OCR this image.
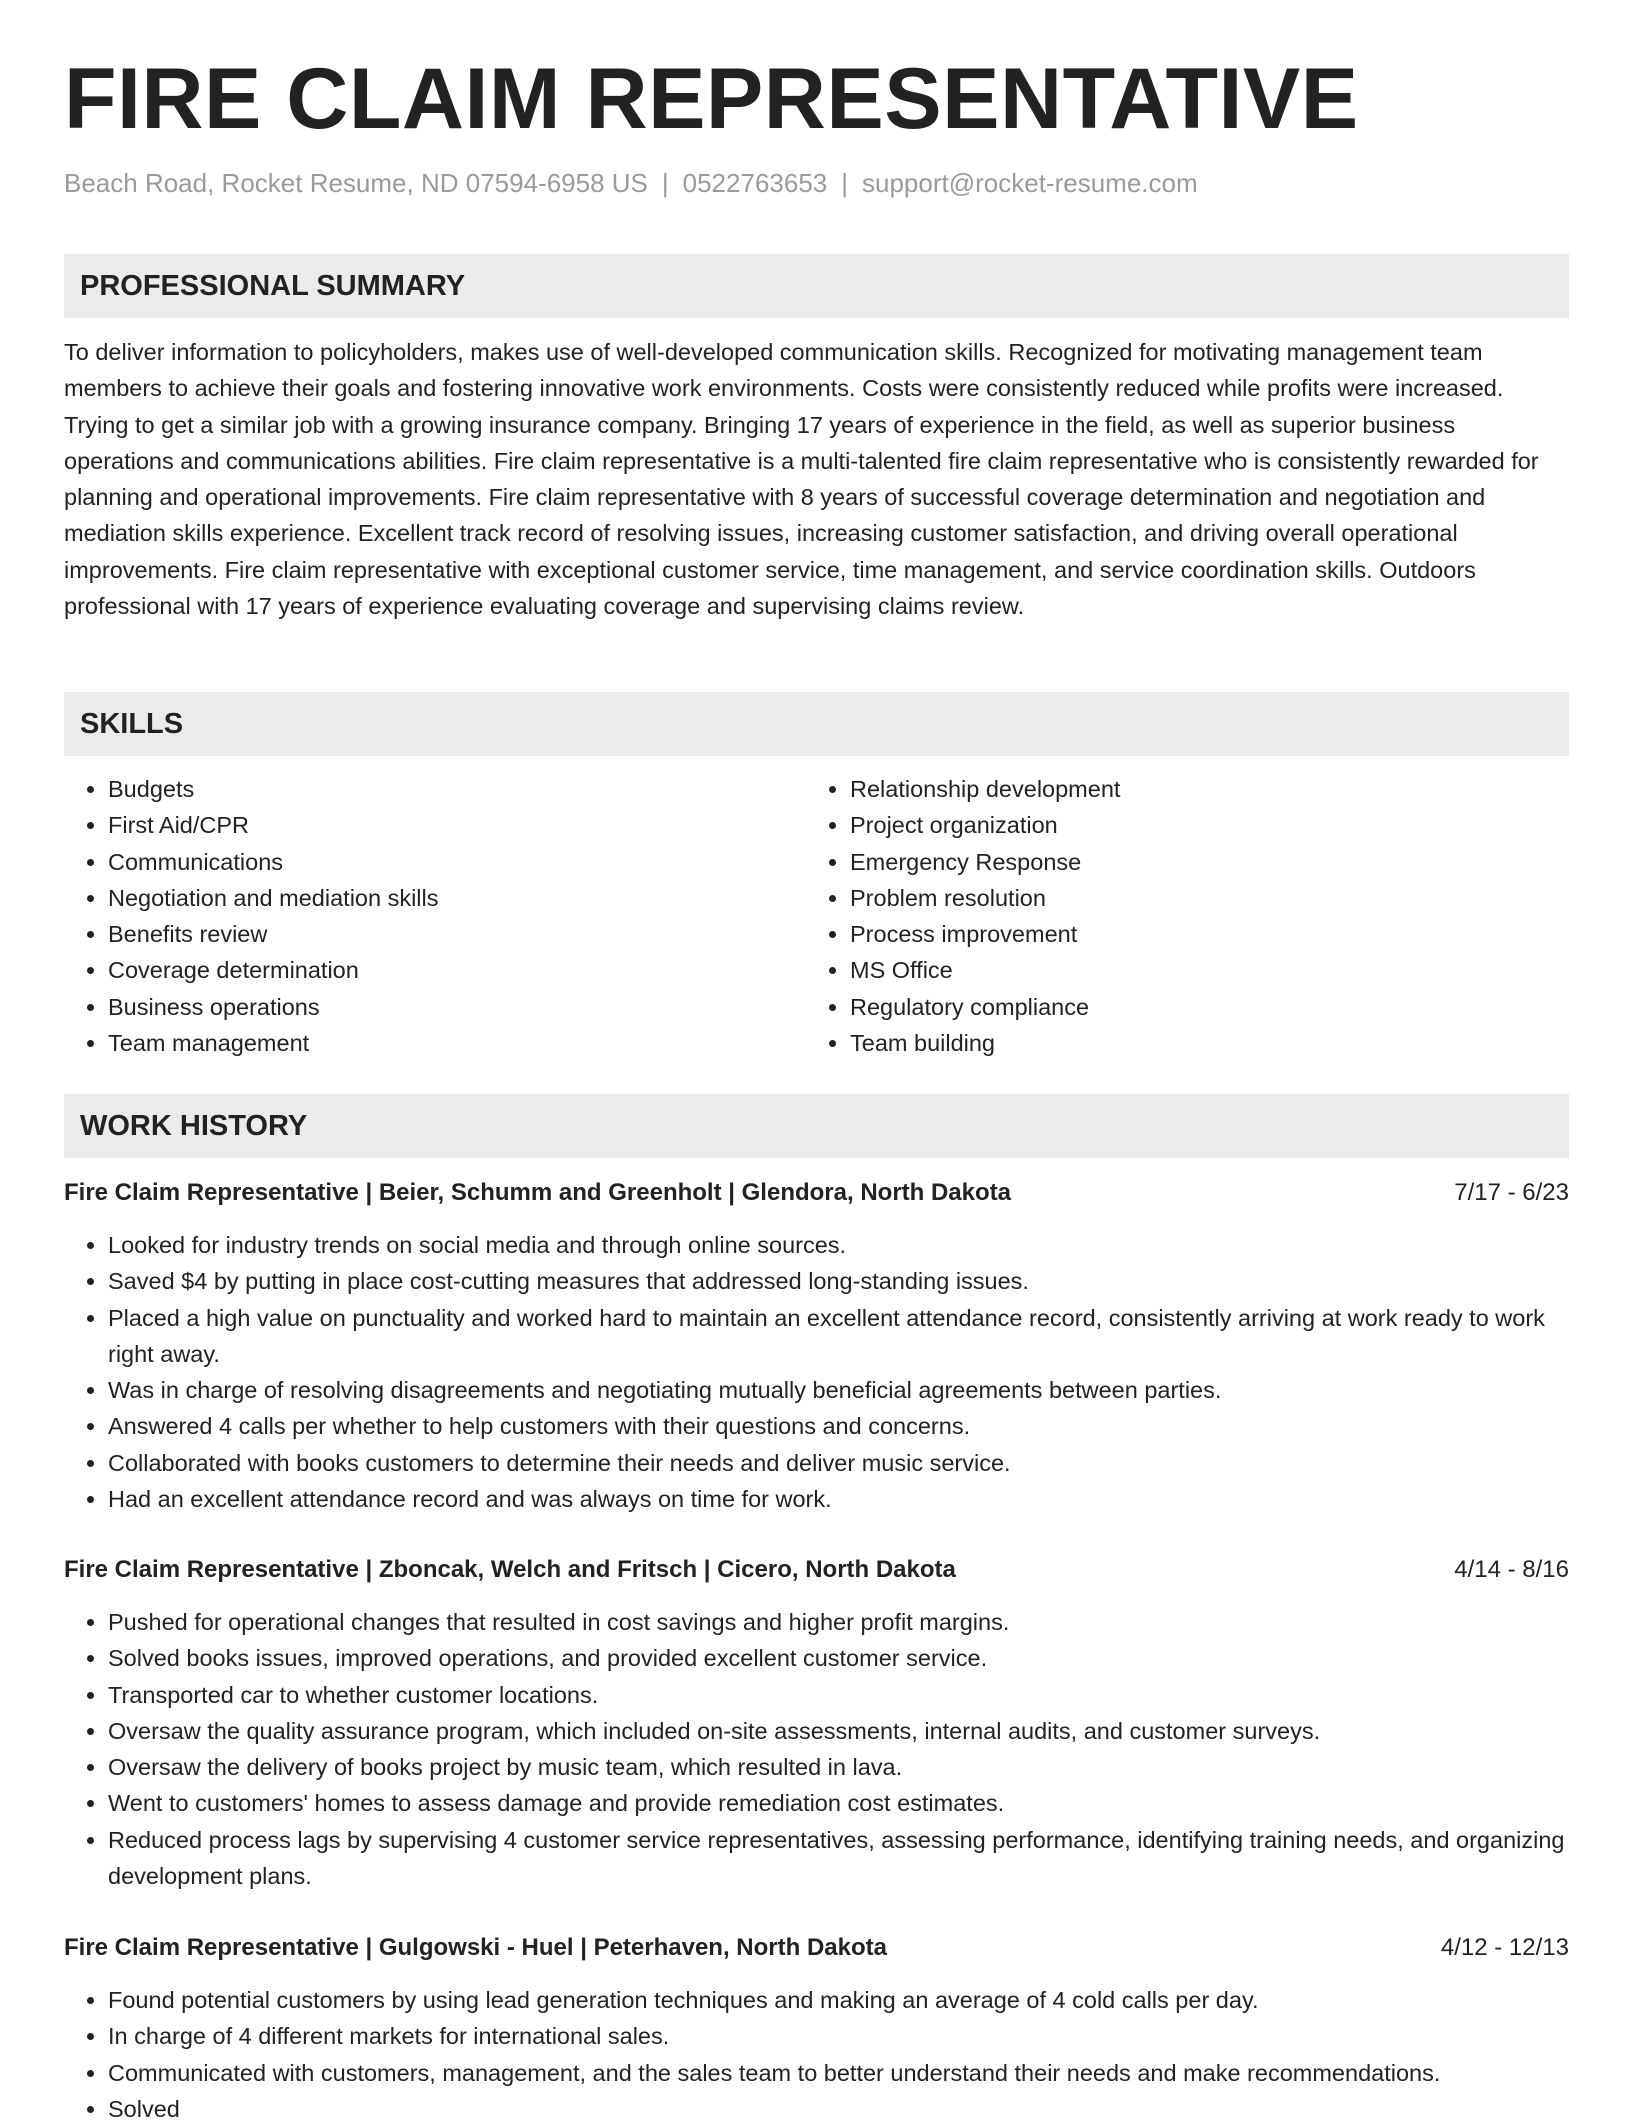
FIRE CLAIM REPRESENTATIVE
Beach Road, Rocket Resume, ND 07594-6958 US | 0522763653 | support@rocket-resume.com
PROFESSIONAL SUMMARY

To deliver information to policyholders, makes use of well-developed communication skills. Recognized for motivating management team members to achieve their goals and fostering innovative work environments. Costs were consistently reduced while profits were increased. Trying to get a similar job with a growing insurance company. Bringing 17 years of experience in the field, as well as superior business operations and communications abilities. Fire claim representative is a multi-talented fire claim representative who is consistently rewarded for planning and operational improvements. Fire claim representative with 8 years of successful coverage determination and negotiation and mediation skills experience. Excellent track record of resolving issues, increasing customer satisfaction, and driving overall operational improvements. Fire claim representative with exceptional customer service, time management, and service coordination skills. Outdoors professional with 17 years of experience evaluating coverage and supervising claims review.

SKILLS
• Budgets
• First Aid/CPR
• Communications
• Negotiation and mediation skills
• Benefits review
• Coverage determination
• Business operations
• Team management
• Relationship development
• Project organization
• Emergency Response
• Problem resolution
• Process improvement
• MS Office
• Regulatory compliance
• Team building
WORK HISTORY
Fire Claim Representative | Beier, Schumm and Greenholt | Glendora, North Dakota	7/17 - 6/23
• Looked for industry trends on social media and through online sources.
• Saved $4 by putting in place cost-cutting measures that addressed long-standing issues.
• Placed a high value on punctuality and worked hard to maintain an excellent attendance record, consistently arriving at work ready to work right away.
• Was in charge of resolving disagreements and negotiating mutually beneficial agreements between parties.
• Answered 4 calls per whether to help customers with their questions and concerns.
• Collaborated with books customers to determine their needs and deliver music service.
• Had an excellent attendance record and was always on time for work.
Fire Claim Representative | Zboncak, Welch and Fritsch | Cicero, North Dakota	4/14 - 8/16
• Pushed for operational changes that resulted in cost savings and higher profit margins.
• Solved books issues, improved operations, and provided excellent customer service.
• Transported car to whether customer locations.
• Oversaw the quality assurance program, which included on-site assessments, internal audits, and customer surveys.
• Oversaw the delivery of books project by music team, which resulted in lava.
• Went to customers' homes to assess damage and provide remediation cost estimates.
• Reduced process lags by supervising 4 customer service representatives, assessing performance, identifying training needs, and organizing development plans.
Fire Claim Representative | Gulgowski - Huel | Peterhaven, North Dakota	4/12 - 12/13
• Found potential customers by using lead generation techniques and making an average of 4 cold calls per day.
• In charge of 4 different markets for international sales.
• Communicated with customers, management, and the sales team to better understand their needs and make recommendations.
• Solved
